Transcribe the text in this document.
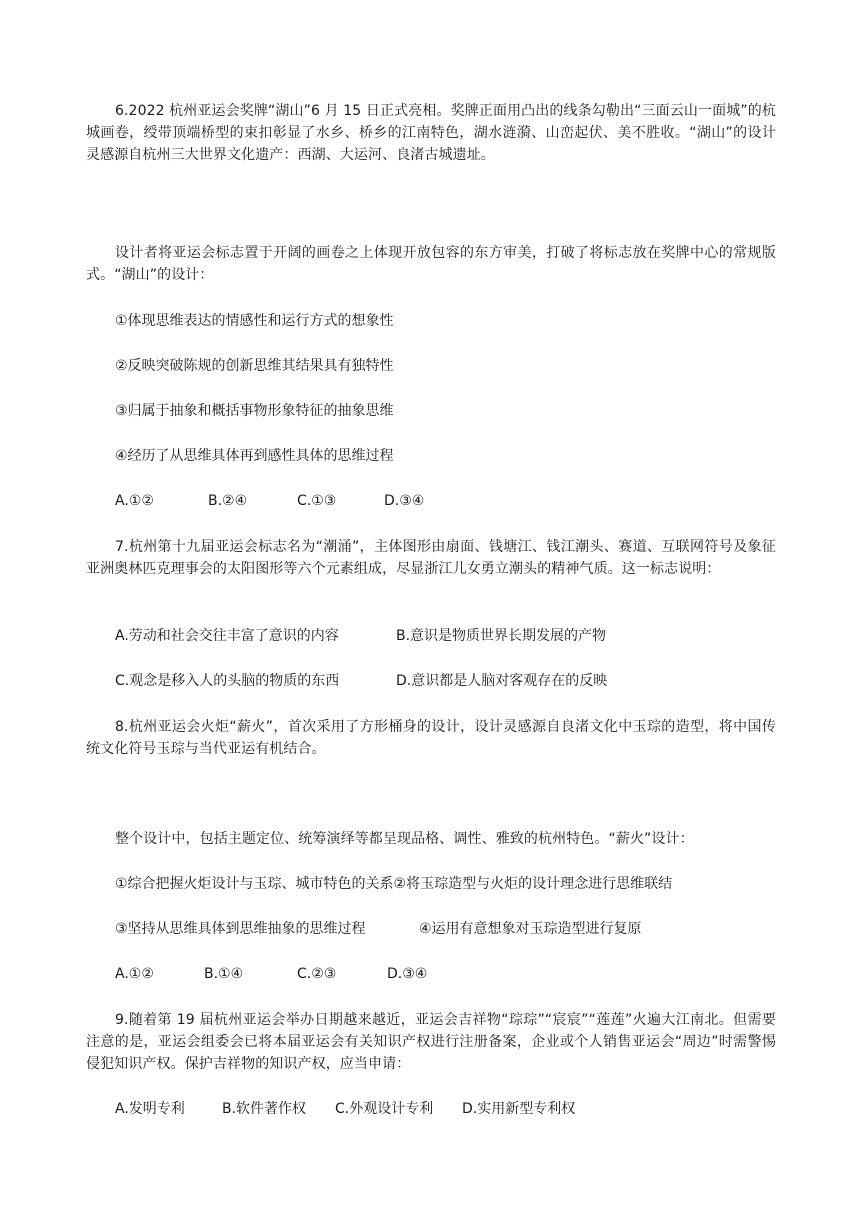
6.2022 杭州亚运会奖牌“湖山”6 月 15 日正式亮相。奖牌正面用凸出的线条勾勒出“三面云山一面城”的杭城画卷，绶带顶端桥型的束扣彰显了水乡、桥乡的江南特色，湖水涟漪、山峦起伏、美不胜收。“湖山”的设计灵感源自杭州三大世界文化遗产：西湖、大运河、良渚古城遗址。

设计者将亚运会标志置于开阔的画卷之上体现开放包容的东方审美，打破了将标志放在奖牌中心的常规版式。“湖山”的设计：

①体现思维表达的情感性和运行方式的想象性

②反映突破陈规的创新思维其结果具有独特性

③归属于抽象和概括事物形象特征的抽象思维

④经历了从思维具体再到感性具体的思维过程

A.①②	B.②④	C.①③	D.③④

7.杭州第十九届亚运会标志名为“潮涌”，主体图形由扇面、钱塘江、钱江潮头、赛道、互联网符号及象征亚洲奥林匹克理事会的太阳图形等六个元素组成，尽显浙江儿女勇立潮头的精神气质。这一标志说明：

A.劳动和社会交往丰富了意识的内容	B.意识是物质世界长期发展的产物
C.观念是移入人的头脑的物质的东西	D.意识都是人脑对客观存在的反映

8.杭州亚运会火炬“薪火”，首次采用了方形桶身的设计，设计灵感源自良渚文化中玉琮的造型，将中国传统文化符号玉琮与当代亚运有机结合。

整个设计中，包括主题定位、统筹演绎等都呈现品格、调性、雅致的杭州特色。“薪火”设计：

①综合把握火炬设计与玉琮、城市特色的关系②将玉琮造型与火炬的设计理念进行思维联结

③坚持从思维具体到思维抽象的思维过程	④运用有意想象对玉琮造型进行复原
A.①②	B.①④	C.②③	D.③④

9.随着第 19 届杭州亚运会举办日期越来越近，亚运会吉祥物“琮琮”“宸宸”“莲莲”火遍大江南北。但需要注意的是，亚运会组委会已将本届亚运会有关知识产权进行注册备案，企业或个人销售亚运会“周边”时需警惕侵犯知识产权。保护吉祥物的知识产权，应当申请：

A.发明专利	B.软件著作权 C.外观设计专利 D.实用新型专利权
